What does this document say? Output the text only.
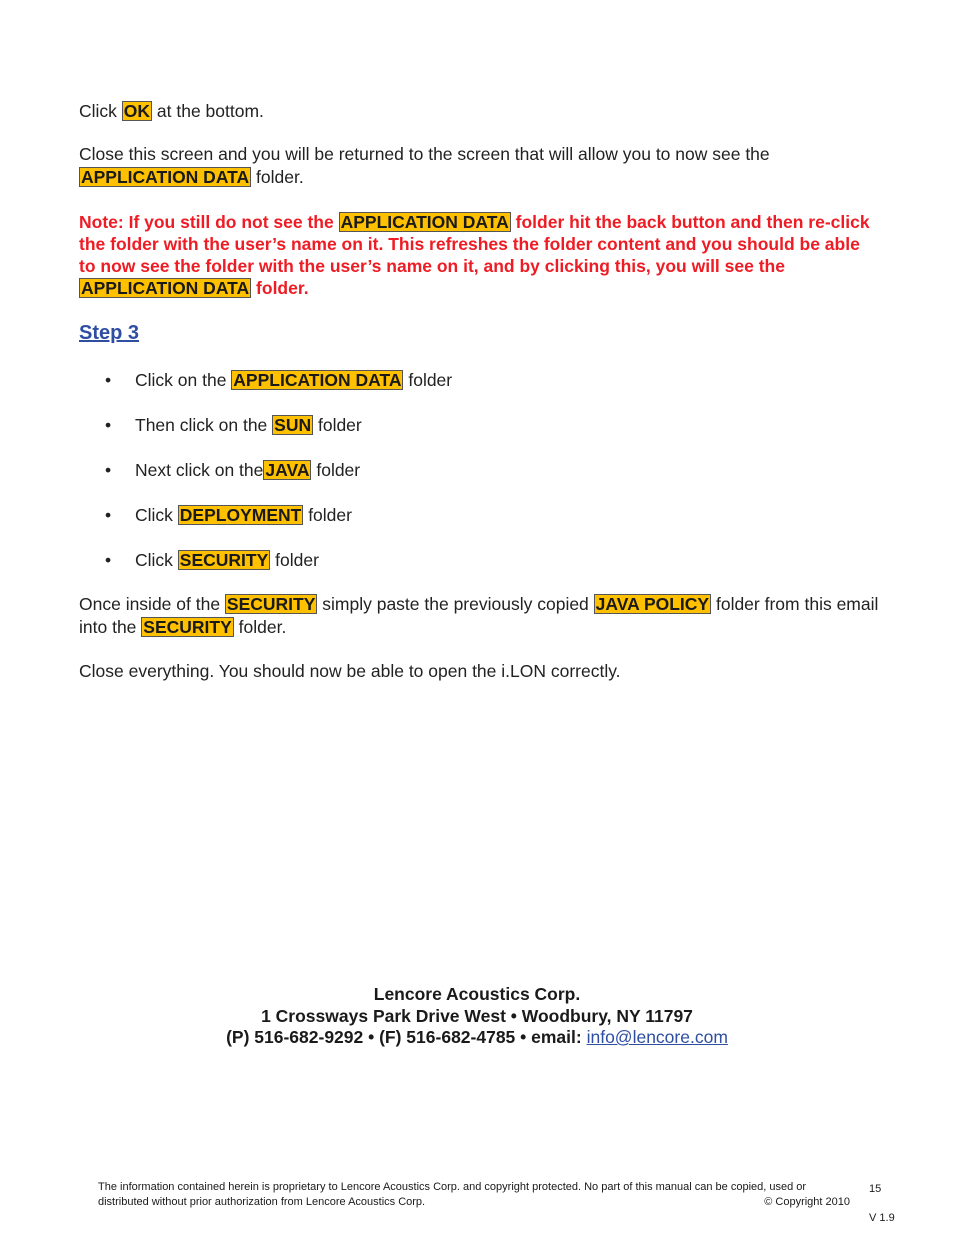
Click OK at the bottom.
Close this screen and you will be returned to the screen that will allow you to now see the APPLICATION DATA folder.
Note: If you still do not see the APPLICATION DATA folder hit the back button and then re-click the folder with the user’s name on it. This refreshes the folder content and you should be able to now see the folder with the user’s name on it, and by clicking this, you will see the APPLICATION DATA folder.
Step 3
•	Click on the APPLICATION DATA folder
•	Then click on the SUN folder
•	Next click on the JAVA folder
•	Click DEPLOYMENT folder
•	Click SECURITY folder
Once inside of the SECURITY simply paste the previously copied JAVA POLICY folder from this email into the SECURITY folder.
Close everything. You should now be able to open the i.LON correctly.
Lencore Acoustics Corp.
1 Crossways Park Drive West • Woodbury, NY 11797
(P) 516-682-9292 • (F) 516-682-4785 • email: info@lencore.com
The information contained herein is proprietary to Lencore Acoustics Corp. and copyright protected. No part of this manual can be copied, used or distributed without prior authorization from Lencore Acoustics Corp.	© Copyright 2010
15
V 1.9
